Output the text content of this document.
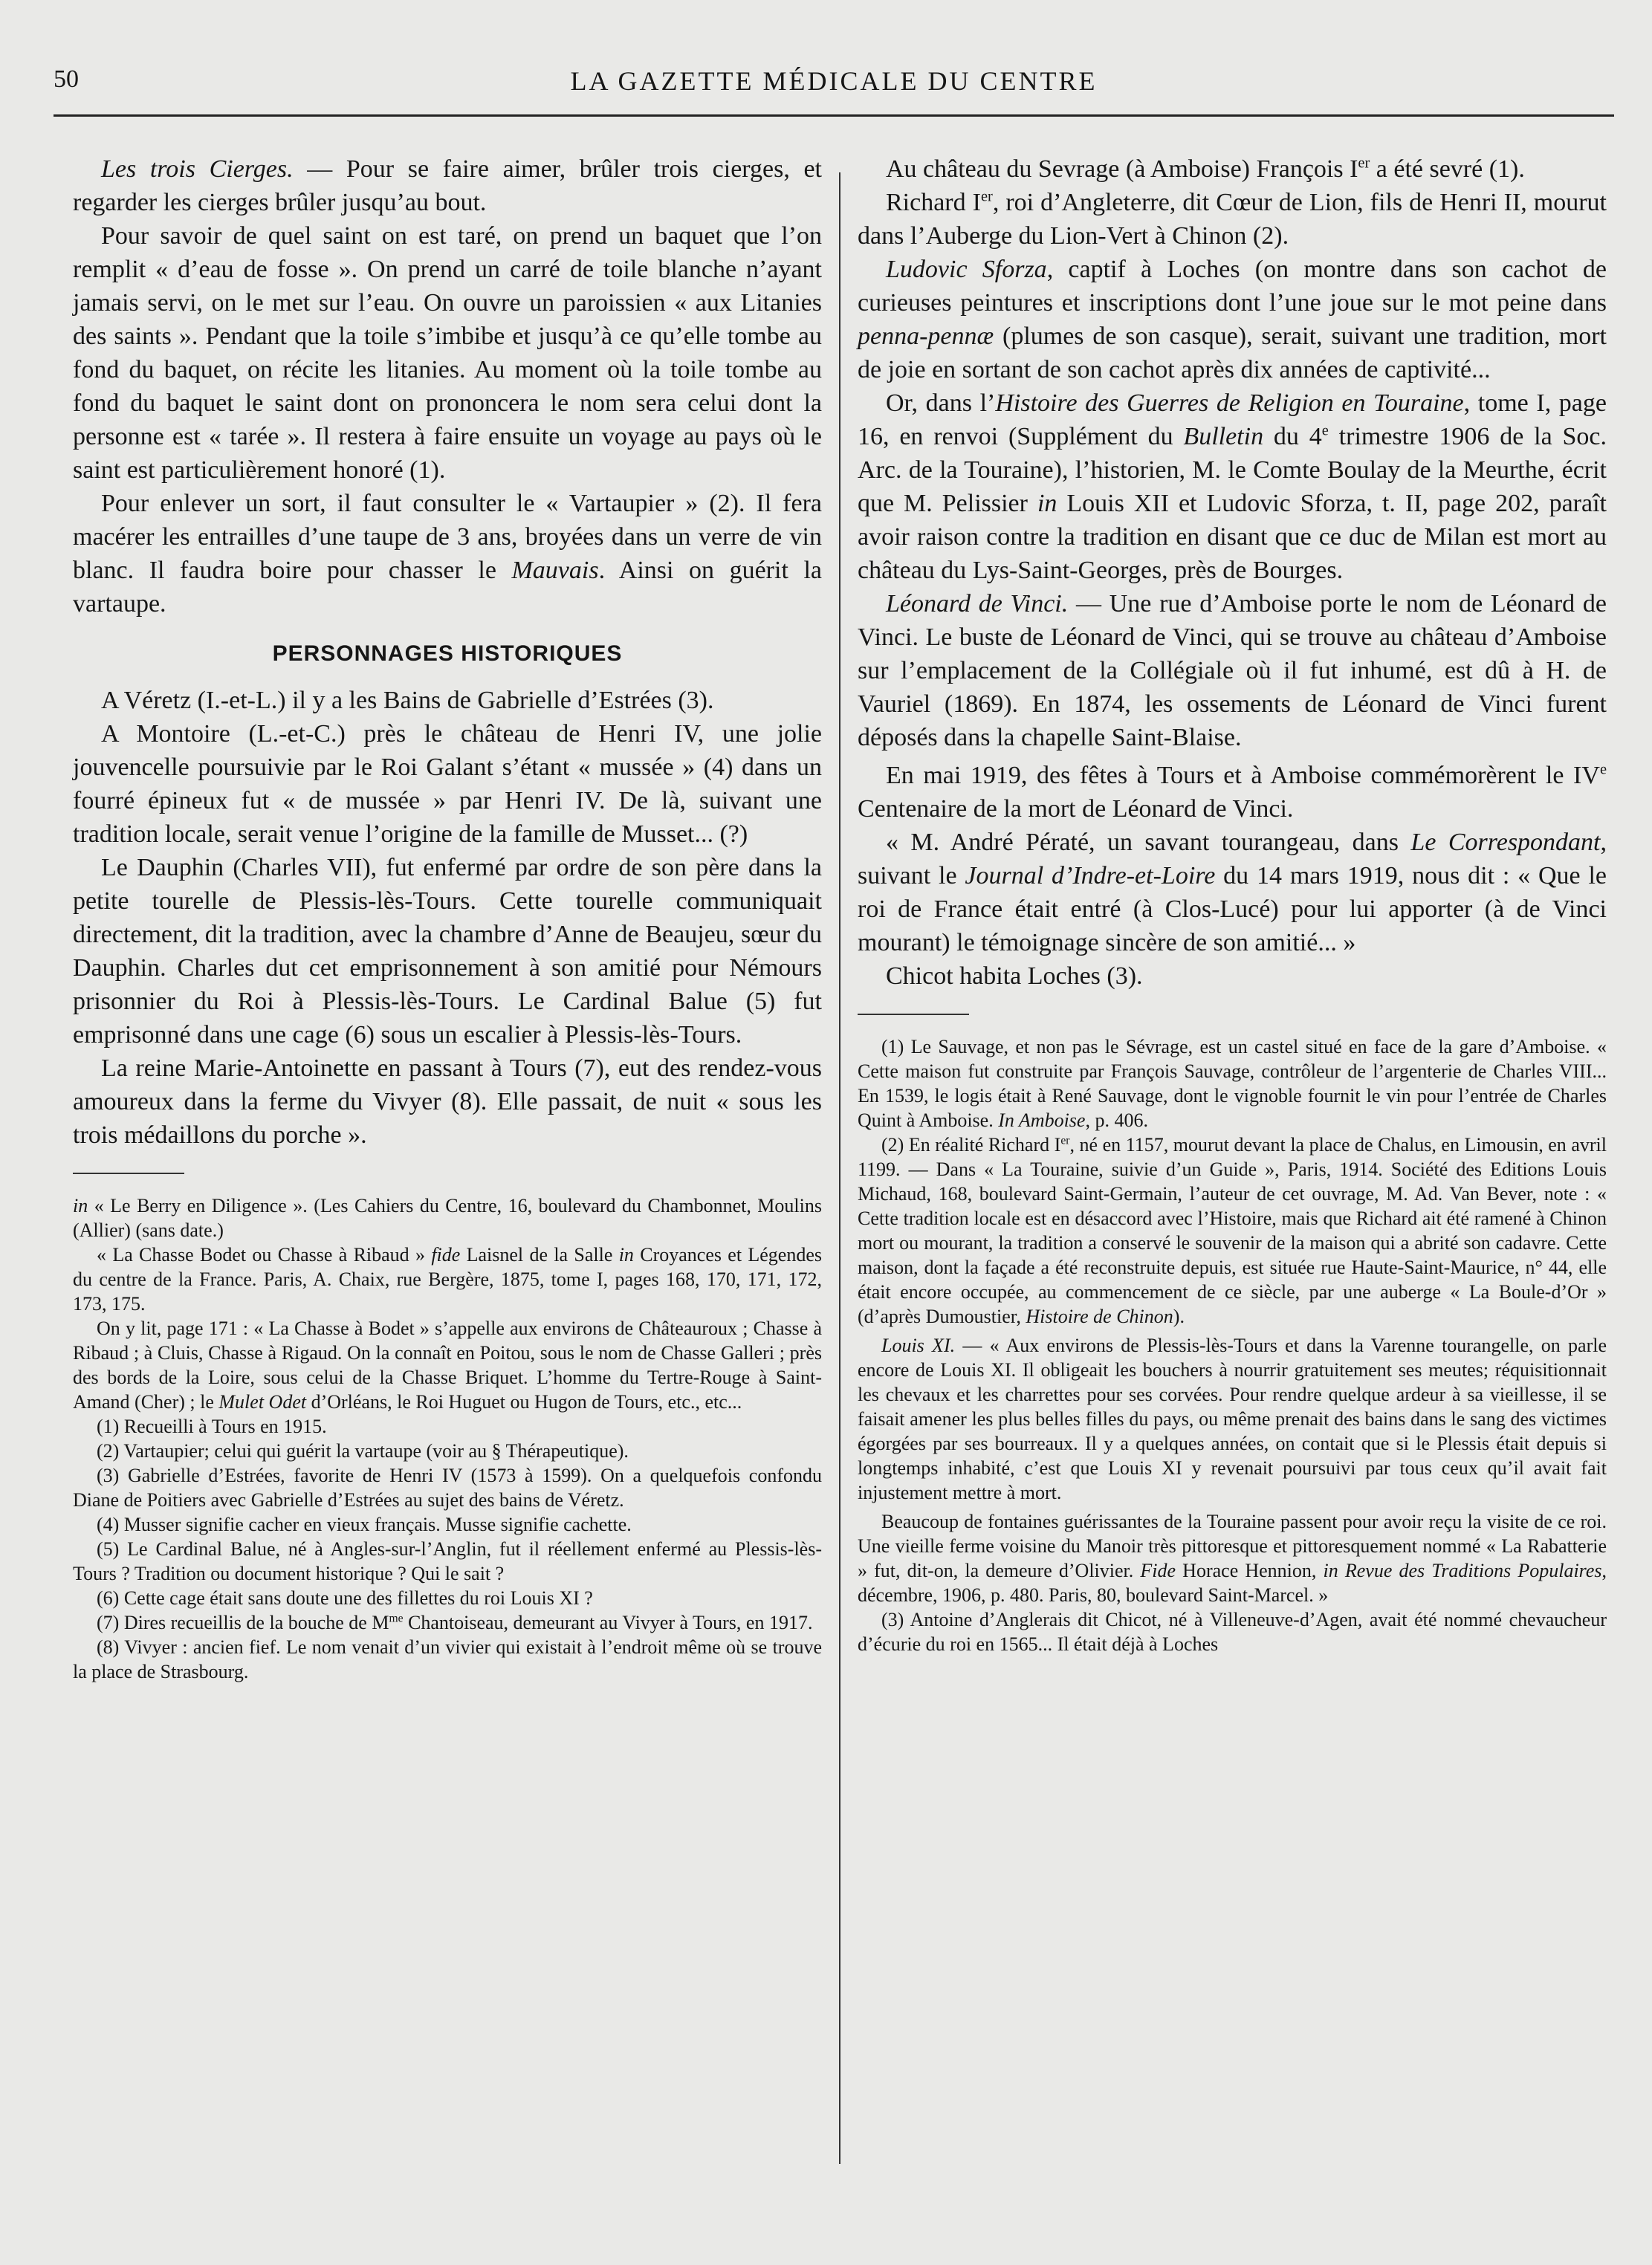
50	LA GAZETTE MÉDICALE DU CENTRE

Les trois Cierges. — Pour se faire aimer, brûler trois cierges, et regarder les cierges brûler jusqu’au bout.

Pour savoir de quel saint on est taré, on prend un baquet que l’on remplit « d’eau de fosse ». On prend un carré de toile blanche n’ayant jamais servi, on le met sur l’eau. On ouvre un paroissien « aux Litanies des saints ». Pendant que la toile s’imbibe et jusqu’à ce qu’elle tombe au fond du baquet, on récite les litanies. Au moment où la toile tombe au fond du baquet le saint dont on prononcera le nom sera celui dont la personne est « tarée ». Il restera à faire ensuite un voyage au pays où le saint est particulièrement honoré (1).

Pour enlever un sort, il faut consulter le « Vartaupier » (2). Il fera macérer les entrailles d’une taupe de 3 ans, broyées dans un verre de vin blanc. Il faudra boire pour chasser le Mauvais. Ainsi on guérit la vartaupe.

PERSONNAGES HISTORIQUES

A Véretz (I.-et-L.) il y a les Bains de Gabrielle d’Estrées (3).

A Montoire (L.-et-C.) près le château de Henri IV, une jolie jouvencelle poursuivie par le Roi Galant s’étant « mussée » (4) dans un fourré épineux fut « de mussée » par Henri IV. De là, suivant une tradition locale, serait venue l’origine de la famille de Musset... (?)

Le Dauphin (Charles VII), fut enfermé par ordre de son père dans la petite tourelle de Plessis-lès-Tours. Cette tourelle communiquait directement, dit la tradition, avec la chambre d’Anne de Beaujeu, sœur du Dauphin. Charles dut cet emprisonnement à son amitié pour Némours prisonnier du Roi à Plessis-lès-Tours. Le Cardinal Balue (5) fut emprisonné dans une cage (6) sous un escalier à Plessis-lès-Tours.

La reine Marie-Antoinette en passant à Tours (7), eut des rendez-vous amoureux dans la ferme du Vivyer (8). Elle passait, de nuit « sous les trois médaillons du porche ».

in « Le Berry en Diligence ». (Les Cahiers du Centre, 16, boulevard du Chambonnet, Moulins (Allier) (sans date.)

« La Chasse Bodet ou Chasse à Ribaud » fide Laisnel de la Salle in Croyances et Légendes du centre de la France. Paris, A. Chaix, rue Bergère, 1875, tome I, pages 168, 170, 171, 172, 173, 175.

On y lit, page 171 : « La Chasse à Bodet » s’appelle aux environs de Châteauroux ; Chasse à Ribaud ; à Cluis, Chasse à Rigaud. On la connaît en Poitou, sous le nom de Chasse Galleri ; près des bords de la Loire, sous celui de la Chasse Briquet. L’homme du Tertre-Rouge à Saint-Amand (Cher) ; le Mulet Odet d’Orléans, le Roi Huguet ou Hugon de Tours, etc., etc...

(1) Recueilli à Tours en 1915.

(2) Vartaupier; celui qui guérit la vartaupe (voir au § Thérapeutique).

(3) Gabrielle d’Estrées, favorite de Henri IV (1573 à 1599). On a quelquefois confondu Diane de Poitiers avec Gabrielle d’Estrées au sujet des bains de Véretz.

(4) Musser signifie cacher en vieux français. Musse signifie cachette.

(5) Le Cardinal Balue, né à Angles-sur-l’Anglin, fut il réellement enfermé au Plessis-lès-Tours ? Tradition ou document historique ? Qui le sait ?

(6) Cette cage était sans doute une des fillettes du roi Louis XI ?

(7) Dires recueillis de la bouche de $M^{me}$ Chantoiseau, demeurant au Vivyer à Tours, en 1917.

(8) Vivyer : ancien fief. Le nom venait d’un vivier qui existait à l’endroit même où se trouve la place de Strasbourg.

Au château du Sevrage (à Amboise) François Ier a été sevré (1).

Richard Ier, roi d’Angleterre, dit Cœur de Lion, fils de Henri II, mourut dans l’Auberge du Lion-Vert à Chinon (2).

Ludovic Sforza, captif à Loches (on montre dans son cachot de curieuses peintures et inscriptions dont l’une joue sur le mot peine dans penna-pennæ (plumes de son casque), serait, suivant une tradition, mort de joie en sortant de son cachot après dix années de captivité...

Or, dans l’Histoire des Guerres de Religion en Touraine, tome I, page 16, en renvoi (Supplément du Bulletin du 4e trimestre 1906 de la Soc. Arc. de la Touraine), l’historien, M. le Comte Boulay de la Meurthe, écrit que M. Pelissier in Louis XII et Ludovic Sforza, t. II, page 202, paraît avoir raison contre la tradition en disant que ce duc de Milan est mort au château du Lys-Saint-Georges, près de Bourges.

Léonard de Vinci. — Une rue d’Amboise porte le nom de Léonard de Vinci. Le buste de Léonard de Vinci, qui se trouve au château d’Amboise sur l’emplacement de la Collégiale où il fut inhumé, est dû à H. de Vauriel (1869). En 1874, les ossements de Léonard de Vinci furent déposés dans la chapelle Saint-Blaise.

En mai 1919, des fêtes à Tours et à Amboise commémorèrent le IVe Centenaire de la mort de Léonard de Vinci.

« M. André Pératé, un savant tourangeau, dans Le Correspondant, suivant le Journal d’Indre-et-Loire du 14 mars 1919, nous dit : « Que le roi de France était entré (à Clos-Lucé) pour lui apporter (à de Vinci mourant) le témoignage sincère de son amitié... »

Chicot habita Loches (3).

(1) Le Sauvage, et non pas le Sévrage, est un castel situé en face de la gare d’Amboise. « Cette maison fut construite par François Sauvage, contrôleur de l’argenterie de Charles VIII... En 1539, le logis était à René Sauvage, dont le vignoble fournit le vin pour l’entrée de Charles Quint à Amboise. In Amboise, p. 406.

(2) En réalité Richard Ier, né en 1157, mourut devant la place de Chalus, en Limousin, en avril 1199. — Dans « La Touraine, suivie d’un Guide », Paris, 1914. Société des Editions Louis Michaud, 168, boulevard Saint-Germain, l’auteur de cet ouvrage, M. Ad. Van Bever, note : « Cette tradition locale est en désaccord avec l’Histoire, mais que Richard ait été ramené à Chinon mort ou mourant, la tradition a conservé le souvenir de la maison qui a abrité son cadavre. Cette maison, dont la façade a été reconstruite depuis, est située rue Haute-Saint-Maurice, n° 44, elle était encore occupée, au commencement de ce siècle, par une auberge « La Boule-d’Or » (d’après Dumoustier, Histoire de Chinon).

Louis XI. — « Aux environs de Plessis-lès-Tours et dans la Varenne tourangelle, on parle encore de Louis XI. Il obligeait les bouchers à nourrir gratuitement ses meutes; réquisitionnait les chevaux et les charrettes pour ses corvées. Pour rendre quelque ardeur à sa vieillesse, il se faisait amener les plus belles filles du pays, ou même prenait des bains dans le sang des victimes égorgées par ses bourreaux. Il y a quelques années, on contait que si le Plessis était depuis si longtemps inhabité, c’est que Louis XI y revenait poursuivi par tous ceux qu’il avait fait injustement mettre à mort.

Beaucoup de fontaines guérissantes de la Touraine passent pour avoir reçu la visite de ce roi. Une vieille ferme voisine du Manoir très pittoresque et pittoresquement nommé « La Rabatterie » fut, dit-on, la demeure d’Olivier. Fide Horace Hennion, in Revue des Traditions Populaires, décembre, 1906, p. 480. Paris, 80, boulevard Saint-Marcel. »

(3) Antoine d’Anglerais dit Chicot, né à Villeneuve-d’Agen, avait été nommé chevaucheur d’écurie du roi en 1565... Il était déjà à Loches
